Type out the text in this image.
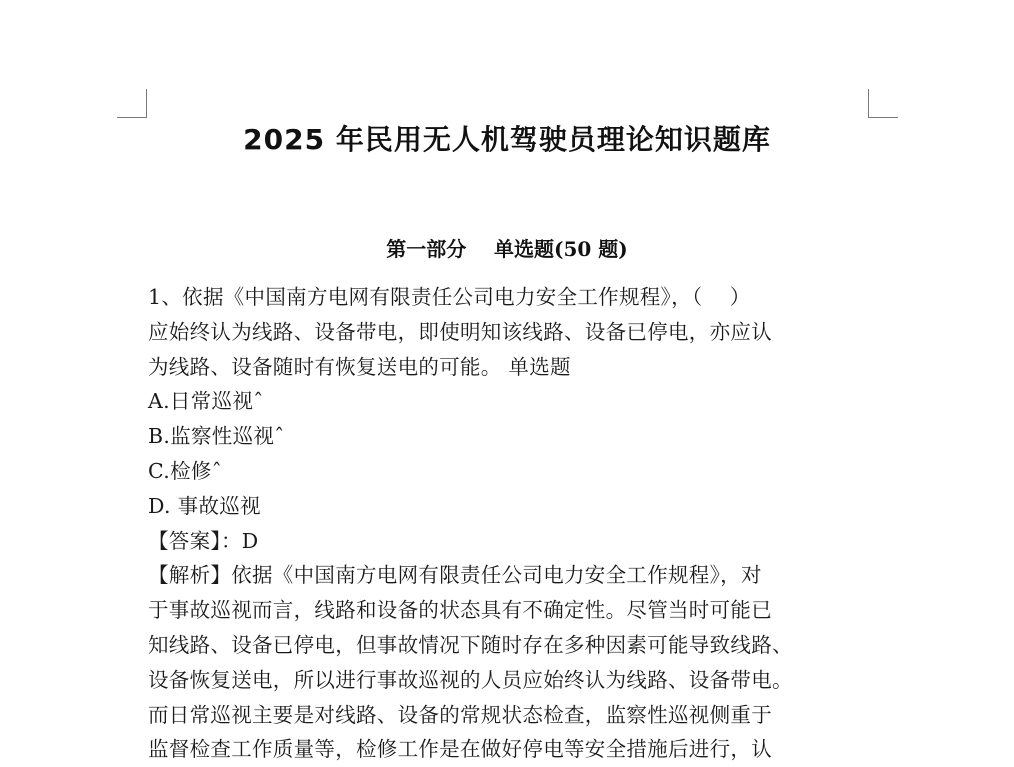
2025 年民用无人机驾驶员理论知识题库
第一部分    单选题(50 题)
1、依据《中国南方电网有限责任公司电力安全工作规程》，（    ）
应始终认为线路、设备带电，即使明知该线路、设备已停电，亦应认
为线路、设备随时有恢复送电的可能。 单选题
A.日常巡视ˆ
B.监察性巡视ˆ
C.检修ˆ
D. 事故巡视
【答案】：D
【解析】依据《中国南方电网有限责任公司电力安全工作规程》，对
于事故巡视而言，线路和设备的状态具有不确定性。尽管当时可能已
知线路、设备已停电，但事故情况下随时存在多种因素可能导致线路、
设备恢复送电，所以进行事故巡视的人员应始终认为线路、设备带电。
而日常巡视主要是对线路、设备的常规状态检查，监察性巡视侧重于
监督检查工作质量等，检修工作是在做好停电等安全措施后进行，认
